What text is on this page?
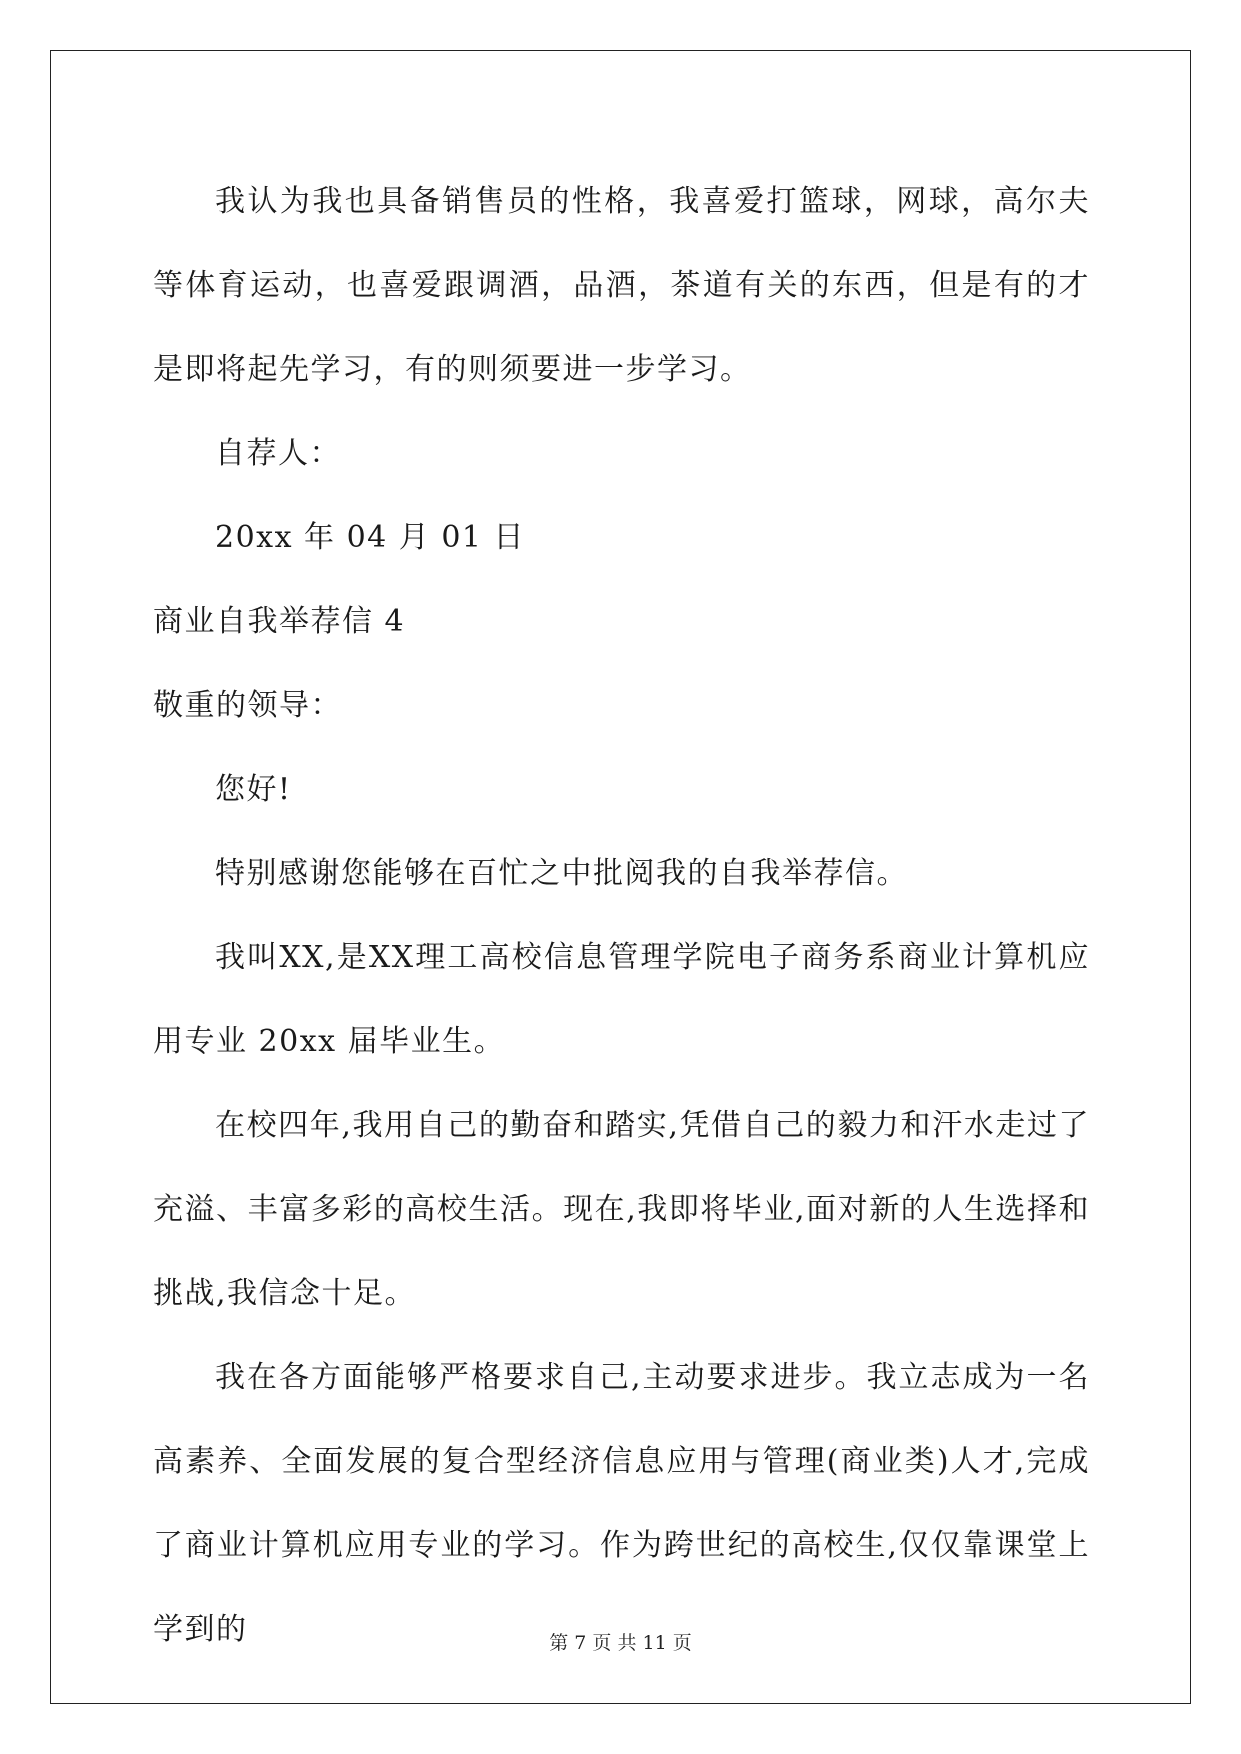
我认为我也具备销售员的性格，我喜爱打篮球，网球，高尔夫等体育运动，也喜爱跟调酒，品酒，茶道有关的东西，但是有的才是即将起先学习，有的则须要进一步学习。

自荐人：

20xx 年 04 月 01 日

商业自我举荐信 4

敬重的领导：

您好!

特别感谢您能够在百忙之中批阅我的自我举荐信。

我叫XX,是XX理工高校信息管理学院电子商务系商业计算机应用专业 20xx 届毕业生。

在校四年,我用自己的勤奋和踏实,凭借自己的毅力和汗水走过了充溢、丰富多彩的高校生活。现在,我即将毕业,面对新的人生选择和挑战,我信念十足。

我在各方面能够严格要求自己,主动要求进步。我立志成为一名高素养、全面发展的复合型经济信息应用与管理(商业类)人才,完成了商业计算机应用专业的学习。作为跨世纪的高校生,仅仅靠课堂上学到的	第 7 页 共 11 页
